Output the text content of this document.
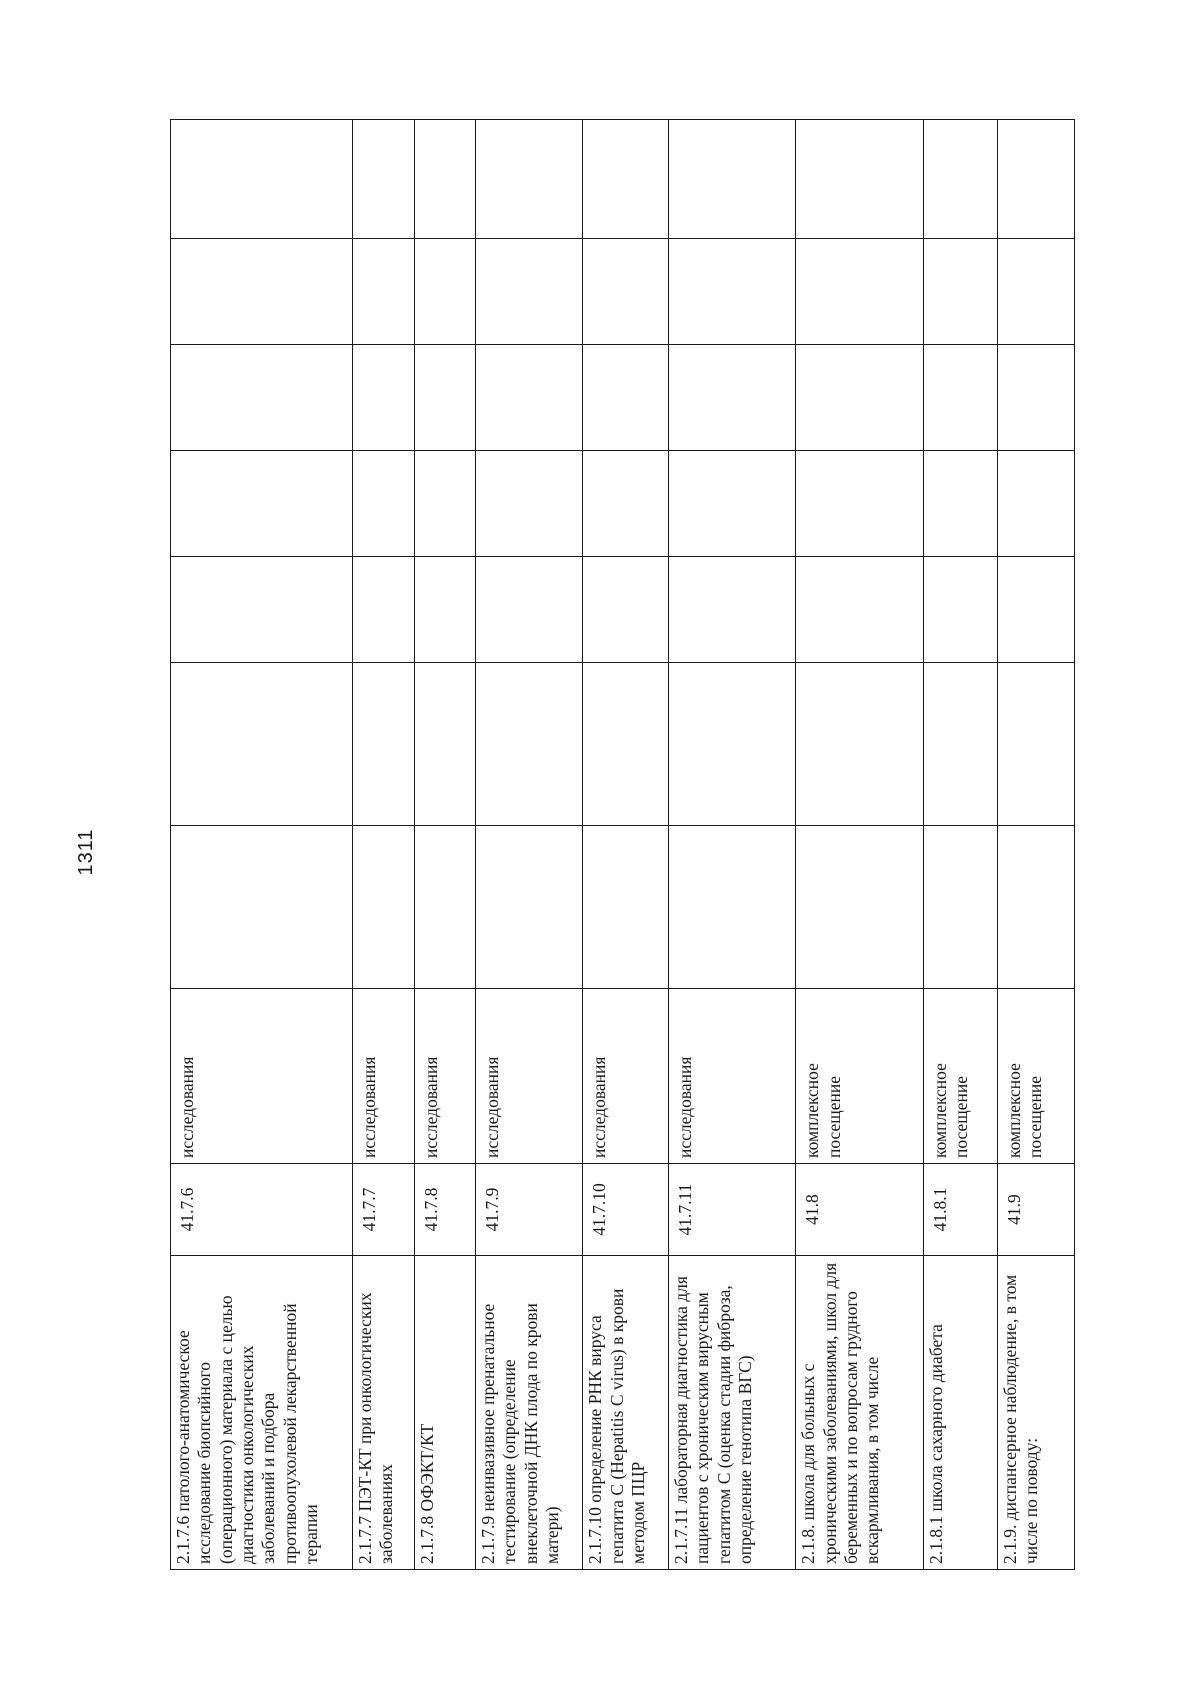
1311
2.1.7.6 патолого-анатомическое исследование биопсийного (операционного) материала с целью диагностики онкологических заболеваний и подбора противоопухолевой лекарственной терапии	41.7.6	исследования							
2.1.7.7 ПЭТ-КТ при онкологических заболеваниях	41.7.7	исследования							
2.1.7.8 ОФЭКТ/КТ	41.7.8	исследования							
2.1.7.9 неинвазивное пренатальное тестирование (определение внеклеточной ДНК плода по крови матери)	41.7.9	исследования							
2.1.7.10 определение РНК вируса гепатита С (Hepatitis C virus) в крови методом ПЦР	41.7.10	исследования							
2.1.7.11 лабораторная диагностика для пациентов с хроническим вирусным гепатитом С (оценка стадии фиброза, определение генотипа ВГС)	41.7.11	исследования							
2.1.8. школа для больных с хроническими заболеваниями, школ для беременных и по вопросам грудного вскармливания, в том числе	41.8	комплексное посещение							
2.1.8.1 школа сахарного диабета	41.8.1	комплексное посещение							
2.1.9. диспансерное наблюдение, в том числе по поводу:	41.9	комплексное посещение							
